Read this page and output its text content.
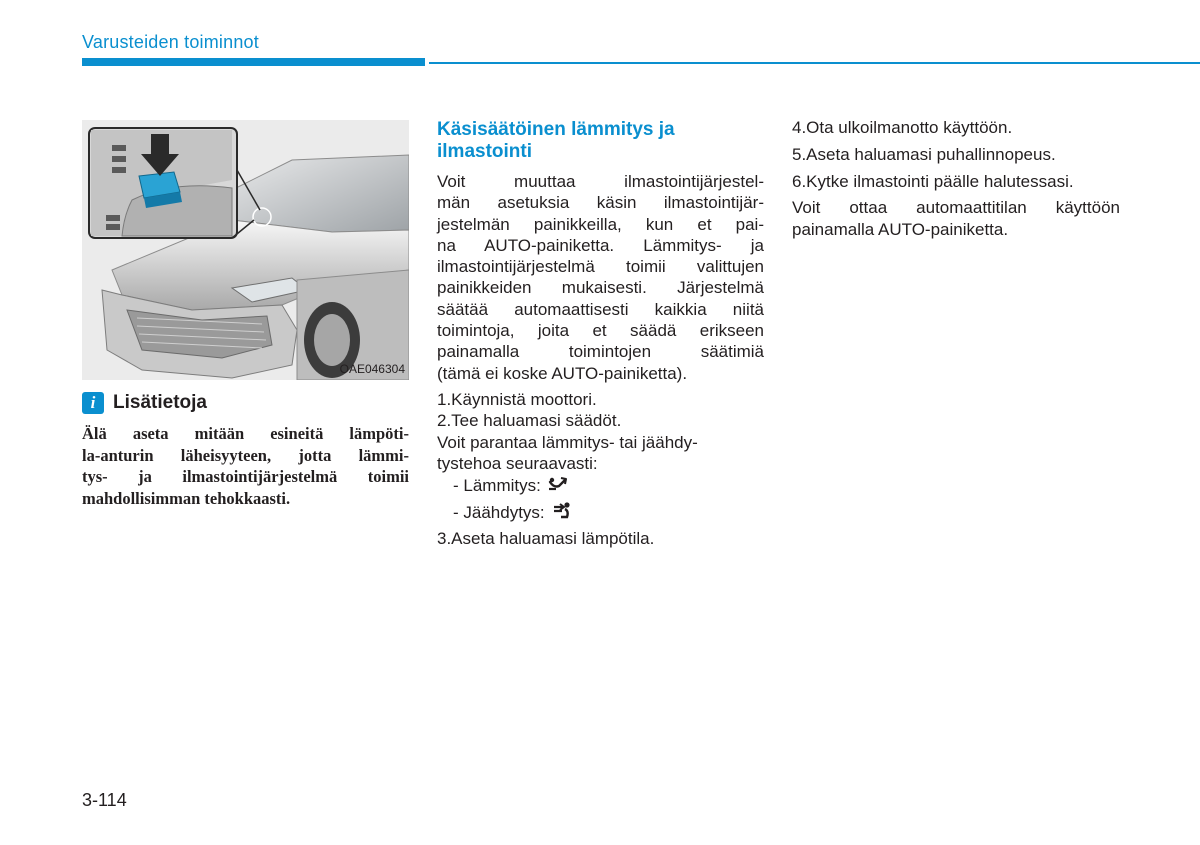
Varusteiden toiminnot
OAE046304
i Lisätietoja

Älä aseta mitään esineitä lämpöti-
la-anturin läheisyyteen, jotta lämmi-
tys- ja ilmastointijärjestelmä toimii
mahdollisimman tehokkaasti.

Käsisäätöinen lämmitys ja ilmastointi

Voit muuttaa ilmastointijärjestel-
män asetuksia käsin ilmastointijär-
jestelmän painikkeilla, kun et pai-
na AUTO-painiketta. Lämmitys- ja
ilmastointijärjestelmä toimii valittujen
painikkeiden mukaisesti. Järjestelmä
säätää automaattisesti kaikkia niitä
toimintoja, joita et säädä erikseen
painamalla toimintojen säätimiä
(tämä ei koske AUTO-painiketta).

1.Käynnistä moottori.

2.Tee haluamasi säädöt.

Voit parantaa lämmitys- tai jäähdy-
tystehoa seuraavasti:

- Lämmitys:
- Jäähdytys:

3.Aseta haluamasi lämpötila.

4.Ota ulkoilmanotto käyttöön.

5.Aseta haluamasi puhallinnopeus.

6.Kytke ilmastointi päälle halutessasi.

Voit ottaa automaattitilan käyttöön
painamalla AUTO-painiketta.

3-114
